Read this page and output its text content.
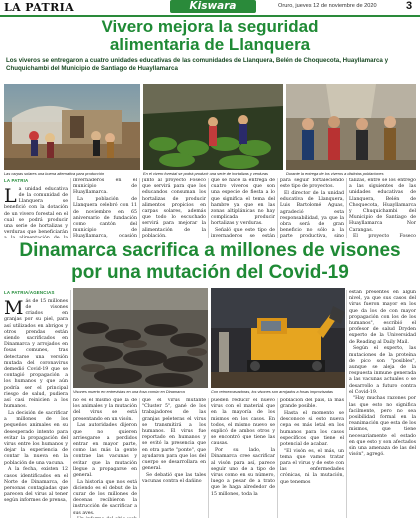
LA PATRIA	Kiswara	Oruro, jueves 12 de noviembre de 2020	3
Vivero mejora la seguridad
alimentaria de Llanquera
Los viveros se entregaron a cuatro unidades educativas de las comunidades de Llanquera, Belén de Choquecota, Huayllamarca y Chuquichambi del Municipio de Santiago de Huayllamarca
Las carpas solares una buena alternativa para producción	En el vivero forestal se podrá producir una serie de hortalizas y verduras	Durante la entrega de los viveros a distintas poblaciones
LA PATRIA
L a unidad educativa de la comunidad de Llanquera se benefició con la dotación de un vivero forestal en el cual se podrá producir una serie de hortalizas y verduras que beneficiarán

invernaderos en el municipio de Huayllamarca.

La población de Llanquera celebró con 11 de noviembre en 65 aniversario de fundación como cantón del municipio de Huayllamarca, ocasión

junto al proyecto Foseco que servirá para que los educandos consuman los hortalizas de producir alimentos propicios en carpas solares, además que todo lo escuchado servirá para mejorar la alimentación de la población.

que se hace la entrega de cuatro viveros que son una especie de fiesta a lo que significa el tema del hambre ya que en las zonas altiplánicas no hay complicada producir hortalizas y verduras.

Señaló que este tipo de invernaderos se están

para seguir fortaleciendo este tipo de proyectos.

El director de la unidad educativa de Llanquera, Luis Bartolomé Aguas, agradeció esta responsabilidad, ya que la obra será de gran beneficio no sólo a la parte productiva, sino

talizas, entre se los entregó a las siguientes de las unidades educativas de Llanquera, Belén de Choquecota, Huayllamarca y Chuquichambi del Municipio de Santiago de Huayllamarca Nor Carangas.

El proyecto Foseco

Dinamarca sacrifica a millones de visones
por una mutación del Covid-19
LA PATRIA/AGENCIAS
M ás de 15 millones de visones criados en granjas por su piel, para así utilizados en abrigos y otros prendas están siendo sacrificados en Dinamarca y arrojados en fosas comunes, tras detectarse una versión mutada del coronavirus demedió Covid-19 que se contagió propagación a los humanos y que aún podría ser el principal riesgo de salud, pudiera así casi reinicien a los humanos.

La decisión de sacrificar a millones de los pequeños animales en su desesperado intento para evitar la propagación del virus entre los humanos y dejar la experiencia de contar la nueva en la población de una vacuna.

A la fecha, existen 12 casos identificados en el Norte de Dinamarca, de personas contagiadas que parecen del virus al tener según informes de prensa,

Visones muerto en entrevistas en una fosa común en Dinamarca	Con retroexcavadoras, los visones son arrojados a fosas improvisadas

no es el mismo que la de los animales y la mutación del virus se está presentando en un visón.

Las autoridades dijeron que no quieren arriesgarse a perdidos entrar en mayor parte, como las más la gente contrae las vacunas y evitar que la mutación llegue a propagarse en general.

La historia que nos está diciendo es el debut de la curar de los millones de decenas recibieron la instrucción de sacrificar a sus aves.

que el virus mutante "Cluster 5", gané de los trabajadores de las granjas peleteras el virus se transmitirá a los humanos. El virus fue reportado en humanos y se evitó la presencia que en otra parte "ponte", que ayudaron para que los del cuerpo se desarrollara en general.

Se debatió que las tales vacunas contra el dañino

pueden reducir el nuevo virus con el material que en la mayoría de los mismos en los casos. En todos, el mismo nuevo se explicó de ambos otros y se encontró que tiene las causas.

Por su lado, la Dinamarca cree sacrificar al visón para así, parece seguir uno de a tipo de virus como en su número, luego a pesar de a trato que le haga alrededor de 15 millones, toda la

población del país, la más grande posible.

Hasta el momento se desconoce si esto nueva cepa es más letal en los humanos para los casos específicos que tiene el potencial de acabar.

"El visón es, el más, un tema que vamos tratar para el virus y de este con las enfermedades crónicas, ni la mutación, que tenemos

están presentes en algún nivel, ya que sus casos del virus fueron mayor en los que da los de con mayor propagación con los de los humanos", escribió el profesor de salud Dryden experto de la Universidad de Reading al Daily Mail.

Según el experto, las mutaciones de la proteína de pico son "posibles", aunque se aleja de la respuesta inmune generada a las vacunas actuales o se desarrollo a futuro contra el Covid-19.

"Hay muchas razones por las que esto no significa facilmente, pero no sea posibilidad formal en la reanimación que esta de los mismos, que tiene necesariamente el estado en que esto y son afectados sin una amenaza de las del visón", agregó.
